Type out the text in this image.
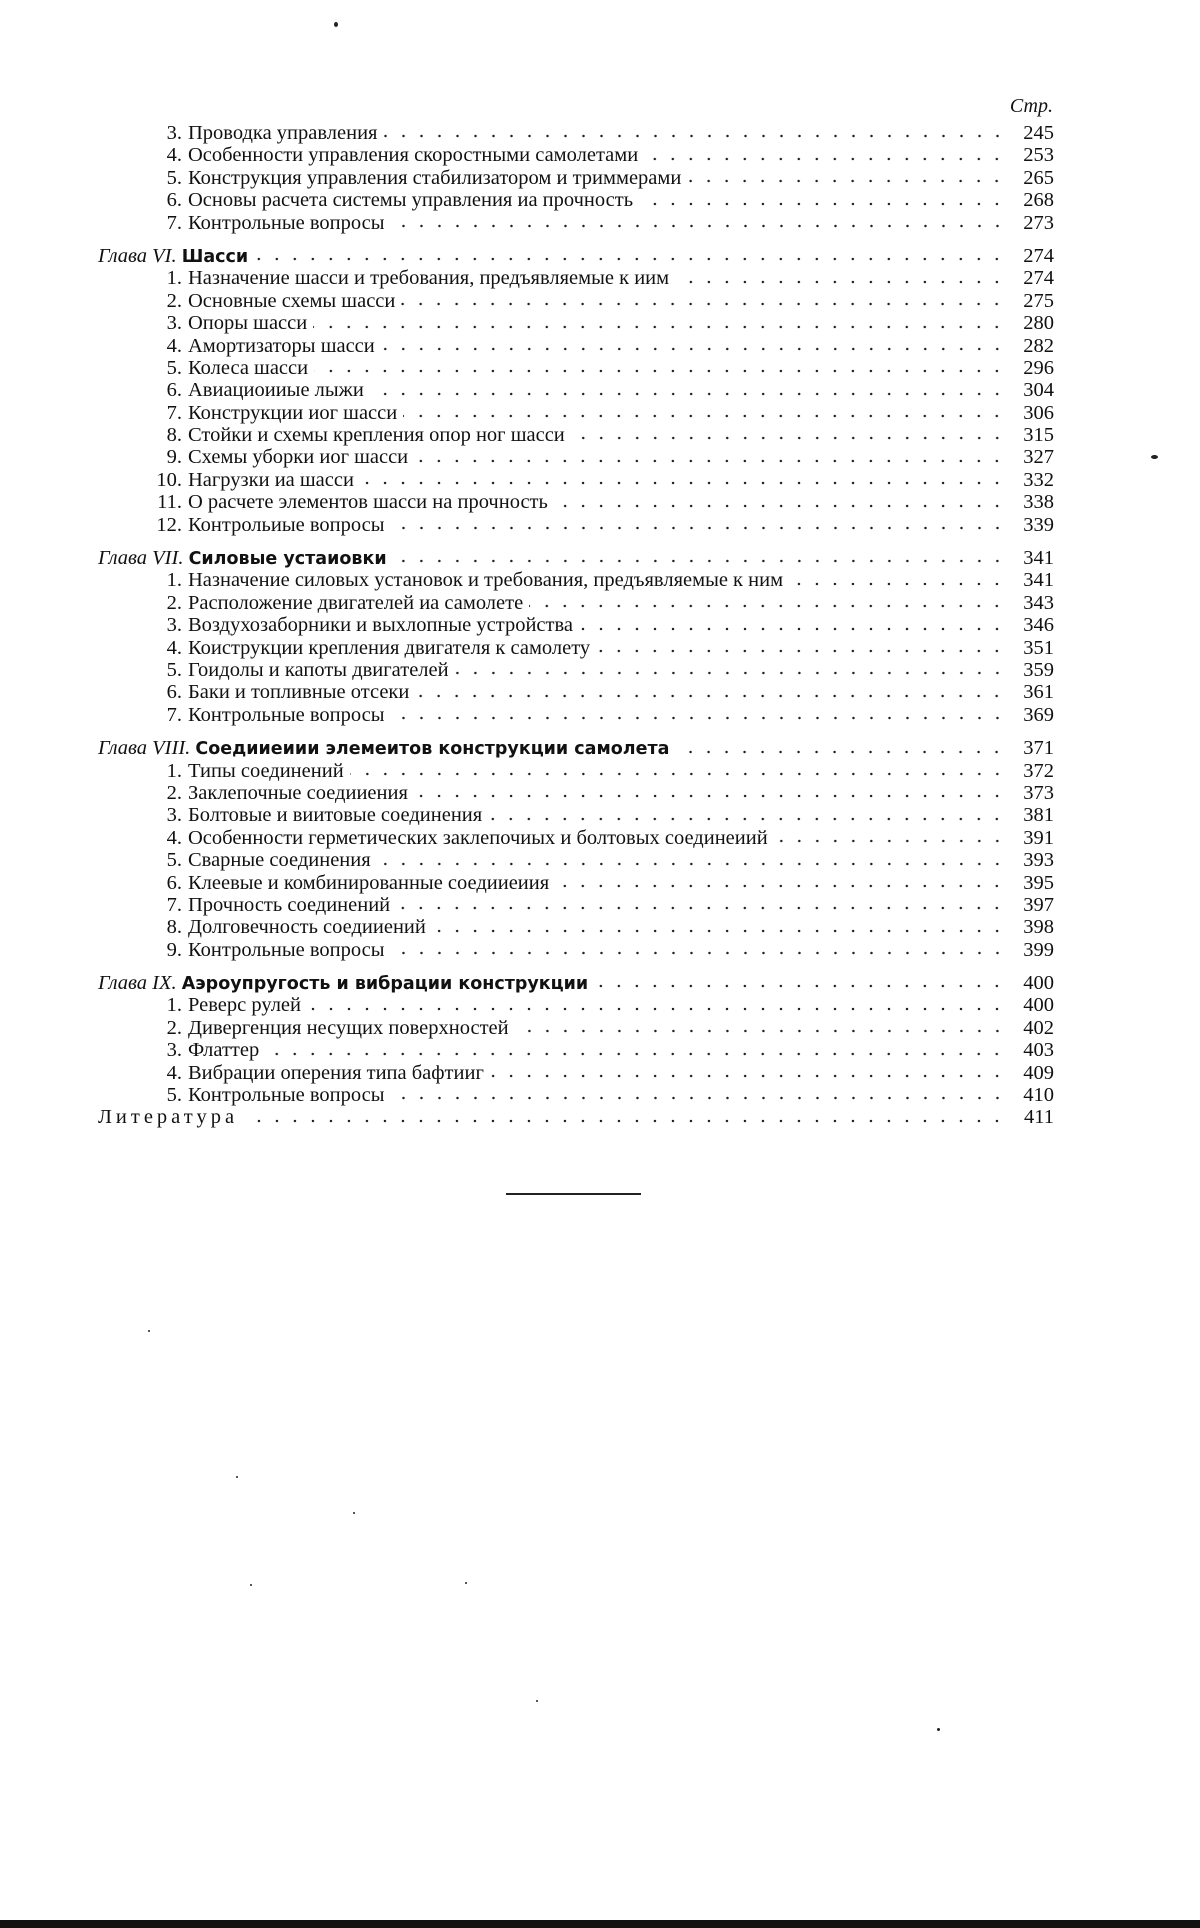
Стр.
3. Проводка управления	245
4. Особенности управления скоростными самолетами	253
5. Конструкция управления стабилизатором и триммерами	265
6. Основы расчета системы управления иа прочность	268
7. Контрольные вопросы	273
Глава VI. Шасси	274
1. Назначение шасси и требования, предъявляемые к иим	274
2. Основные схемы шасси	275
3. Опоры шасси	280
4. Амортизаторы шасси	282
5. Колеса шасси	296
6. Авиациоииые лыжи	304
7. Конструкции иог шасси	306
8. Стойки и схемы крепления опор ног шасси	315
9. Схемы уборки иог шасси	327
10. Нагрузки иа шасси	332
11. О расчете элементов шасси на прочность	338
12. Контрольиые вопросы	339
Глава VII. Силовые устаиовки	341
1. Назначение силовых установок и требования, предъявляемые к ним	341
2. Расположение двигателей иа самолете	343
3. Воздухозаборники и выхлопные устройства	346
4. Коиструкции крепления двигателя к самолету	351
5. Гоидолы и капоты двигателей	359
6. Баки и топливные отсеки	361
7. Контрольные вопросы	369
Глава VIII. Соедииеиии элемеитов конструкции самолета	371
1. Типы соединений	372
2. Заклепочные соедииения	373
3. Болтовые и виитовые соединения	381
4. Особенности герметических заклепочиых и болтовых соединеиий	391
5. Сварные соединения	393
6. Клеевые и комбинированные соедииеиия	395
7. Прочность соединений	397
8. Долговечность соедииений	398
9. Контрольные вопросы	399
Глава IX. Аэроупругость и вибрации конструкции	400
1. Реверс рулей	400
2. Дивергенция несущих поверхностей	402
3. Флаттер	403
4. Вибрации оперения типа бафтииг	409
5. Контрольные вопросы	410
Литература	411
